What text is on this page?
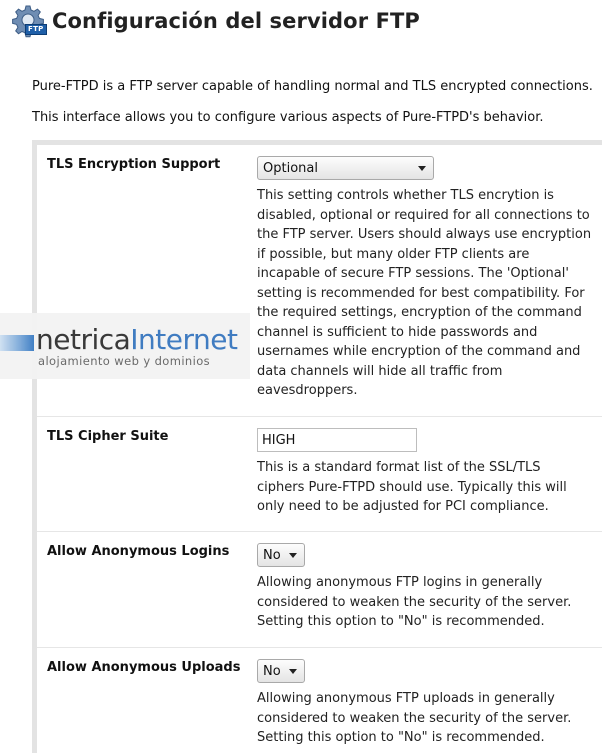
FTP Configuración del servidor FTP

Pure-FTPD is a FTP server capable of handling normal and TLS encrypted connections.

This interface allows you to configure various aspects of Pure-FTPD's behavior.

TLS Encryption Support	Optional

This setting controls whether TLS encrytion is disabled, optional or required for all connections to the FTP server. Users should always use encryption if possible, but many older FTP clients are incapable of secure FTP sessions. The 'Optional' setting is recommended for best compatibility. For the required settings, encryption of the command channel is sufficient to hide passwords and usernames while encryption of the command and data channels will hide all traffic from eavesdroppers.

TLS Cipher Suite	HIGH

This is a standard format list of the SSL/TLS ciphers Pure-FTPD should use. Typically this will only need to be adjusted for PCI compliance.

Allow Anonymous Logins	No

Allowing anonymous FTP logins in generally considered to weaken the security of the server. Setting this option to "No" is recommended.

Allow Anonymous Uploads No

Allowing anonymous FTP uploads in generally considered to weaken the security of the server. Setting this option to "No" is recommended.

netricaInternet
alojamiento web y dominios
